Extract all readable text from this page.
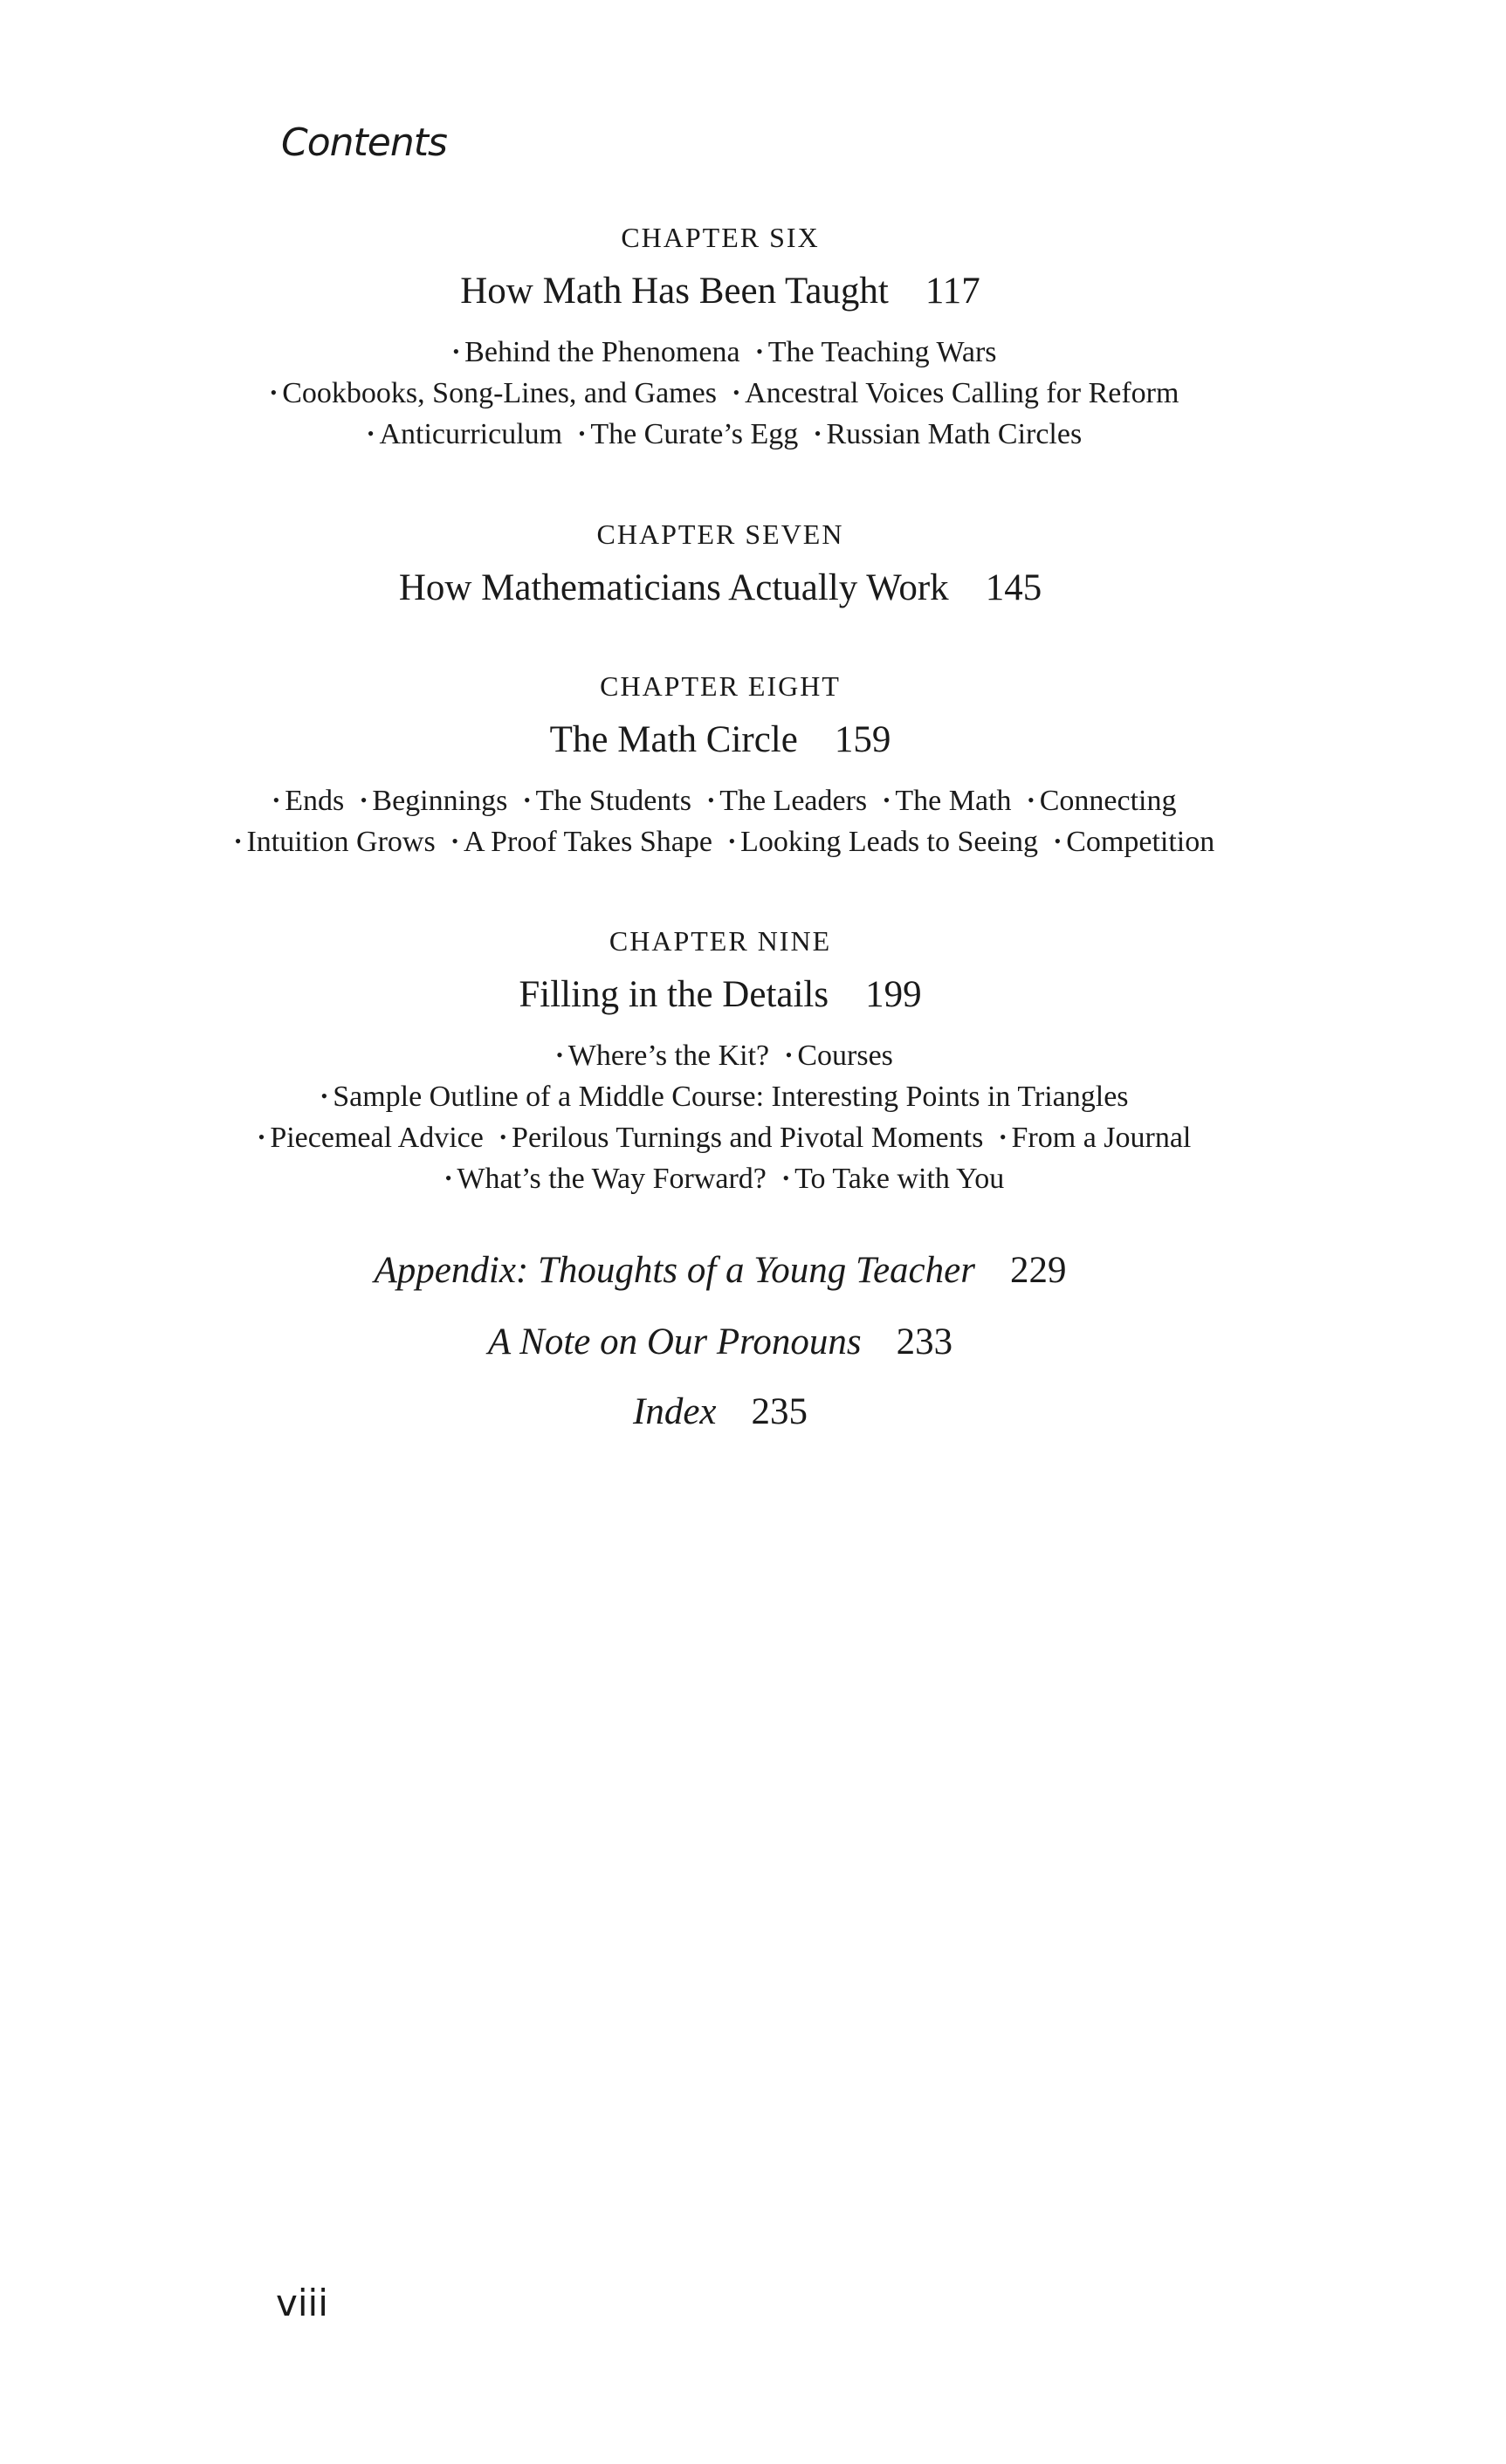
Contents
CHAPTER SIX
How Math Has Been Taught 117
• Behind the Phenomena • The Teaching Wars
• Cookbooks, Song-Lines, and Games • Ancestral Voices Calling for Reform
• Anticurriculum • The Curate’s Egg • Russian Math Circles
CHAPTER SEVEN
How Mathematicians Actually Work 145
CHAPTER EIGHT
The Math Circle 159
• Ends • Beginnings • The Students • The Leaders • The Math • Connecting
• Intuition Grows • A Proof Takes Shape • Looking Leads to Seeing • Competition
CHAPTER NINE
Filling in the Details 199
• Where’s the Kit? • Courses
• Sample Outline of a Middle Course: Interesting Points in Triangles
• Piecemeal Advice • Perilous Turnings and Pivotal Moments • From a Journal
• What’s the Way Forward? • To Take with You
Appendix: Thoughts of a Young Teacher 229
A Note on Our Pronouns 233
Index 235
viii
